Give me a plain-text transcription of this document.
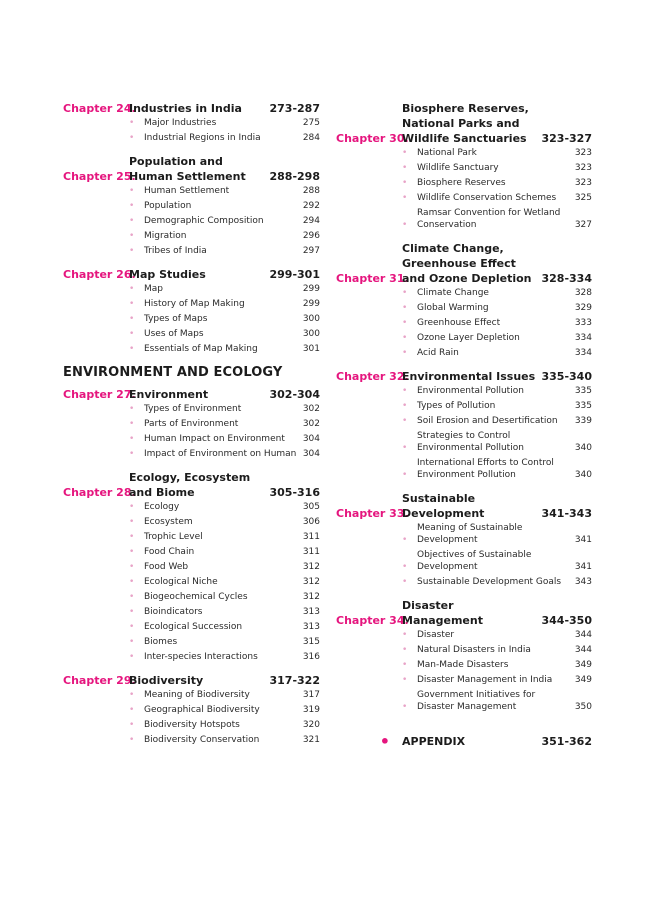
Chapter 24.
Industries in India	273-287
•	Major Industries	275
•	Industrial Regions in India	284
Chapter 25.
Population and Human Settlement	288-298
•	Human Settlement	288
•	Population	292
•	Demographic Composition	294
•	Migration	296
•	Tribes of India	297
Chapter 26.
Map Studies	299-301
•	Map	299
•	History of Map Making	299
•	Types of Maps	300
•	Uses of Maps	300
•	Essentials of Map Making	301
ENVIRONMENT AND ECOLOGY
Chapter 27.
Environment	302-304
•	Types of Environment	302
•	Parts of Environment	302
•	Human Impact on Environment	304
•	Impact of Environment on Human 304
Chapter 28.
Ecology, Ecosystem and Biome	305-316
•	Ecology	305
•	Ecosystem	306
•	Trophic Level	311
•	Food Chain	311
•	Food Web	312
•	Ecological Niche	312
•	Biogeochemical Cycles	312
•	Bioindicators	313
•	Ecological Succession	313
•	Biomes	315
•	Inter-species Interactions	316
Chapter 29.
Biodiversity	317-322
•	Meaning of Biodiversity	317
•	Geographical Biodiversity	319
•	Biodiversity Hotspots	320
•	Biodiversity Conservation	321
Chapter 30.
Biosphere Reserves, National Parks and Wildlife Sanctuaries	323-327
•	National Park	323
•	Wildlife Sanctuary	323
•	Biosphere Reserves	323
•	Wildlife Conservation Schemes	325
•
Ramsar Convention for Wetland Conservation	327
Chapter 31.
Climate Change, Greenhouse Effect and Ozone Depletion 328-334
•	Climate Change	328
•	Global Warming	329
•	Greenhouse Effect	333
•	Ozone Layer Depletion	334
•	Acid Rain	334
Chapter 32.
Environmental Issues 335-340
•	Environmental Pollution	335
•	Types of Pollution	335
•	Soil Erosion and Desertification	339
•
Strategies to Control Environmental Pollution	340
•
International Efforts to Control Environment Pollution	340
Chapter 33.
Sustainable Development	341-343
•
Meaning of Sustainable Development	341
•
Objectives of Sustainable Development	341
•	Sustainable Development Goals	343
Chapter 34.
Disaster Management	344-350
•	Disaster	344
•	Natural Disasters in India	344
•	Man-Made Disasters	349
•	Disaster Management in India	349
•
Government Initiatives for Disaster Management	350
•	APPENDIX	351-362
